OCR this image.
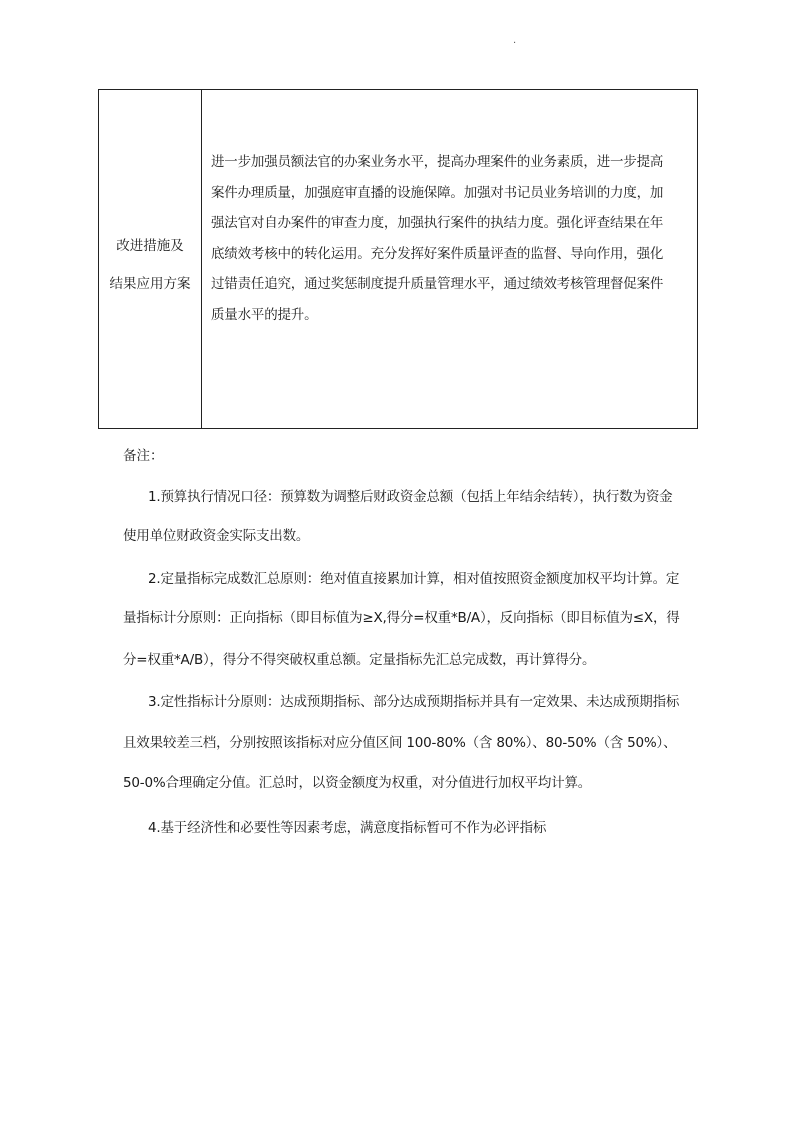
·
改进措施及
结果应用方案
进一步加强员额法官的办案业务水平，提高办理案件的业务素质，进一步提高
案件办理质量，加强庭审直播的设施保障。加强对书记员业务培训的力度，加
强法官对自办案件的审查力度，加强执行案件的执结力度。强化评查结果在年
底绩效考核中的转化运用。充分发挥好案件质量评查的监督、导向作用，强化
过错责任追究，通过奖惩制度提升质量管理水平，通过绩效考核管理督促案件
质量水平的提升。
备注：
1.预算执行情况口径：预算数为调整后财政资金总额（包括上年结余结转），执行数为资金
使用单位财政资金实际支出数。
2.定量指标完成数汇总原则：绝对值直接累加计算，相对值按照资金额度加权平均计算。定
量指标计分原则：正向指标（即目标值为≥X,得分=权重*B/A），反向指标（即目标值为≤X，得
分=权重*A/B），得分不得突破权重总额。定量指标先汇总完成数，再计算得分。
3.定性指标计分原则：达成预期指标、部分达成预期指标并具有一定效果、未达成预期指标
且效果较差三档，分别按照该指标对应分值区间 100-80%（含 80%）、80-50%（含 50%）、
50-0%合理确定分值。汇总时，以资金额度为权重，对分值进行加权平均计算。
4.基于经济性和必要性等因素考虑，满意度指标暂可不作为必评指标
